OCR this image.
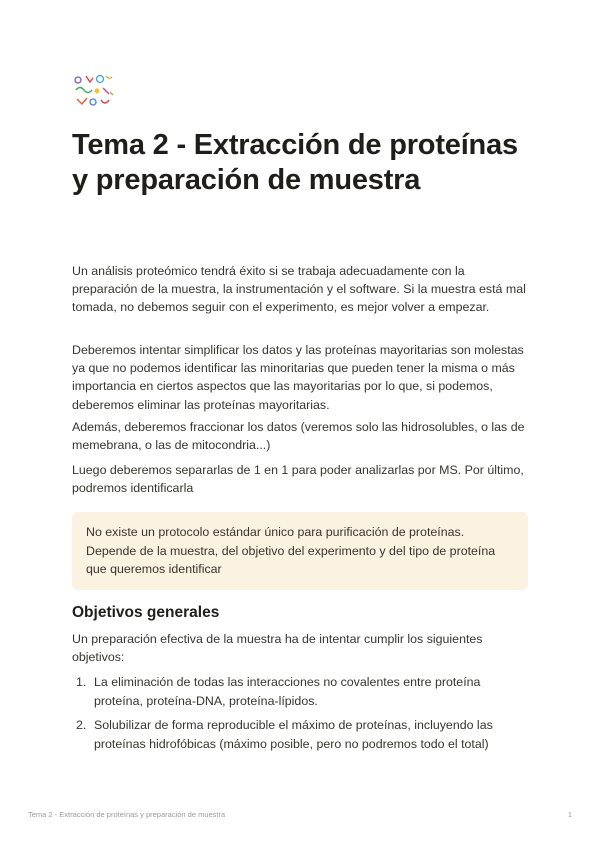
Tema 2 - Extracción de proteínas y preparación de muestra

Un análisis proteómico tendrá éxito si se trabaja adecuadamente con la preparación de la muestra, la instrumentación y el software. Si la muestra está mal tomada, no debemos seguir con el experimento, es mejor volver a empezar.

Deberemos intentar simplificar los datos y las proteínas mayoritarias son molestas ya que no podemos identificar las minoritarias que pueden tener la misma o más importancia en ciertos aspectos que las mayoritarias por lo que, si podemos, deberemos eliminar las proteínas mayoritarias.

Además, deberemos fraccionar los datos (veremos solo las hidrosolubles, o las de memebrana, o las de mitocondria...)

Luego deberemos separarlas de 1 en 1 para poder analizarlas por MS. Por último, podremos identificarla

No existe un protocolo estándar único para purificación de proteínas. Depende de la muestra, del objetivo del experimento y del tipo de proteína que queremos identificar

Objetivos generales

Un preparación efectiva de la muestra ha de intentar cumplir los siguientes objetivos:

1. La eliminación de todas las interacciones no covalentes entre proteína proteína, proteína-DNA, proteína-lípidos.
2. Solubilizar de forma reproducible el máximo de proteínas, incluyendo las proteínas hidrofóbicas (máximo posible, pero no podremos todo el total)
Tema 2 - Extracción de proteínas y preparación de muestra	1
